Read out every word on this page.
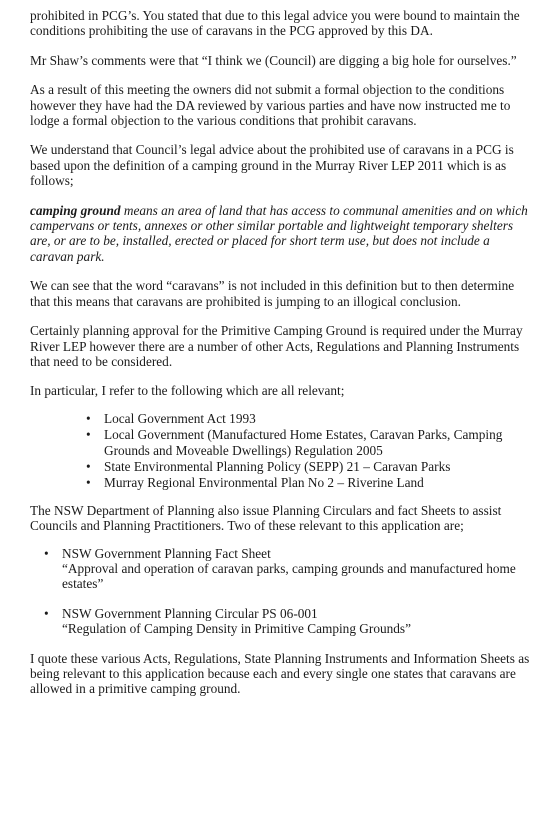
prohibited in PCG’s. You stated that due to this legal advice you were bound to maintain the conditions prohibiting the use of caravans in the PCG approved by this DA.

Mr Shaw’s comments were that “I think we (Council) are digging a big hole for ourselves.”

As a result of this meeting the owners did not submit a formal objection to the conditions however they have had the DA reviewed by various parties and have now instructed me to lodge a formal objection to the various conditions that prohibit caravans.

We understand that Council’s legal advice about the prohibited use of caravans in a PCG is based upon the definition of a camping ground in the Murray River LEP 2011 which is as follows;

camping ground means an area of land that has access to communal amenities and on which campervans or tents, annexes or other similar portable and lightweight temporary shelters are, or are to be, installed, erected or placed for short term use, but does not include a caravan park.

We can see that the word “caravans” is not included in this definition but to then determine that this means that caravans are prohibited is jumping to an illogical conclusion.

Certainly planning approval for the Primitive Camping Ground is required under the Murray River LEP however there are a number of other Acts, Regulations and Planning Instruments that need to be considered.

In particular, I refer to the following which are all relevant;

• Local Government Act 1993
• Local Government (Manufactured Home Estates, Caravan Parks, Camping Grounds and Moveable Dwellings) Regulation 2005
• State Environmental Planning Policy (SEPP) 21 – Caravan Parks
• Murray Regional Environmental Plan No 2 – Riverine Land

The NSW Department of Planning also issue Planning Circulars and fact Sheets to assist Councils and Planning Practitioners. Two of these relevant to this application are;

• NSW Government Planning Fact Sheet
“Approval and operation of caravan parks, camping grounds and manufactured home estates”
• NSW Government Planning Circular PS 06-001
“Regulation of Camping Density in Primitive Camping Grounds”

I quote these various Acts, Regulations, State Planning Instruments and Information Sheets as being relevant to this application because each and every single one states that caravans are allowed in a primitive camping ground.
